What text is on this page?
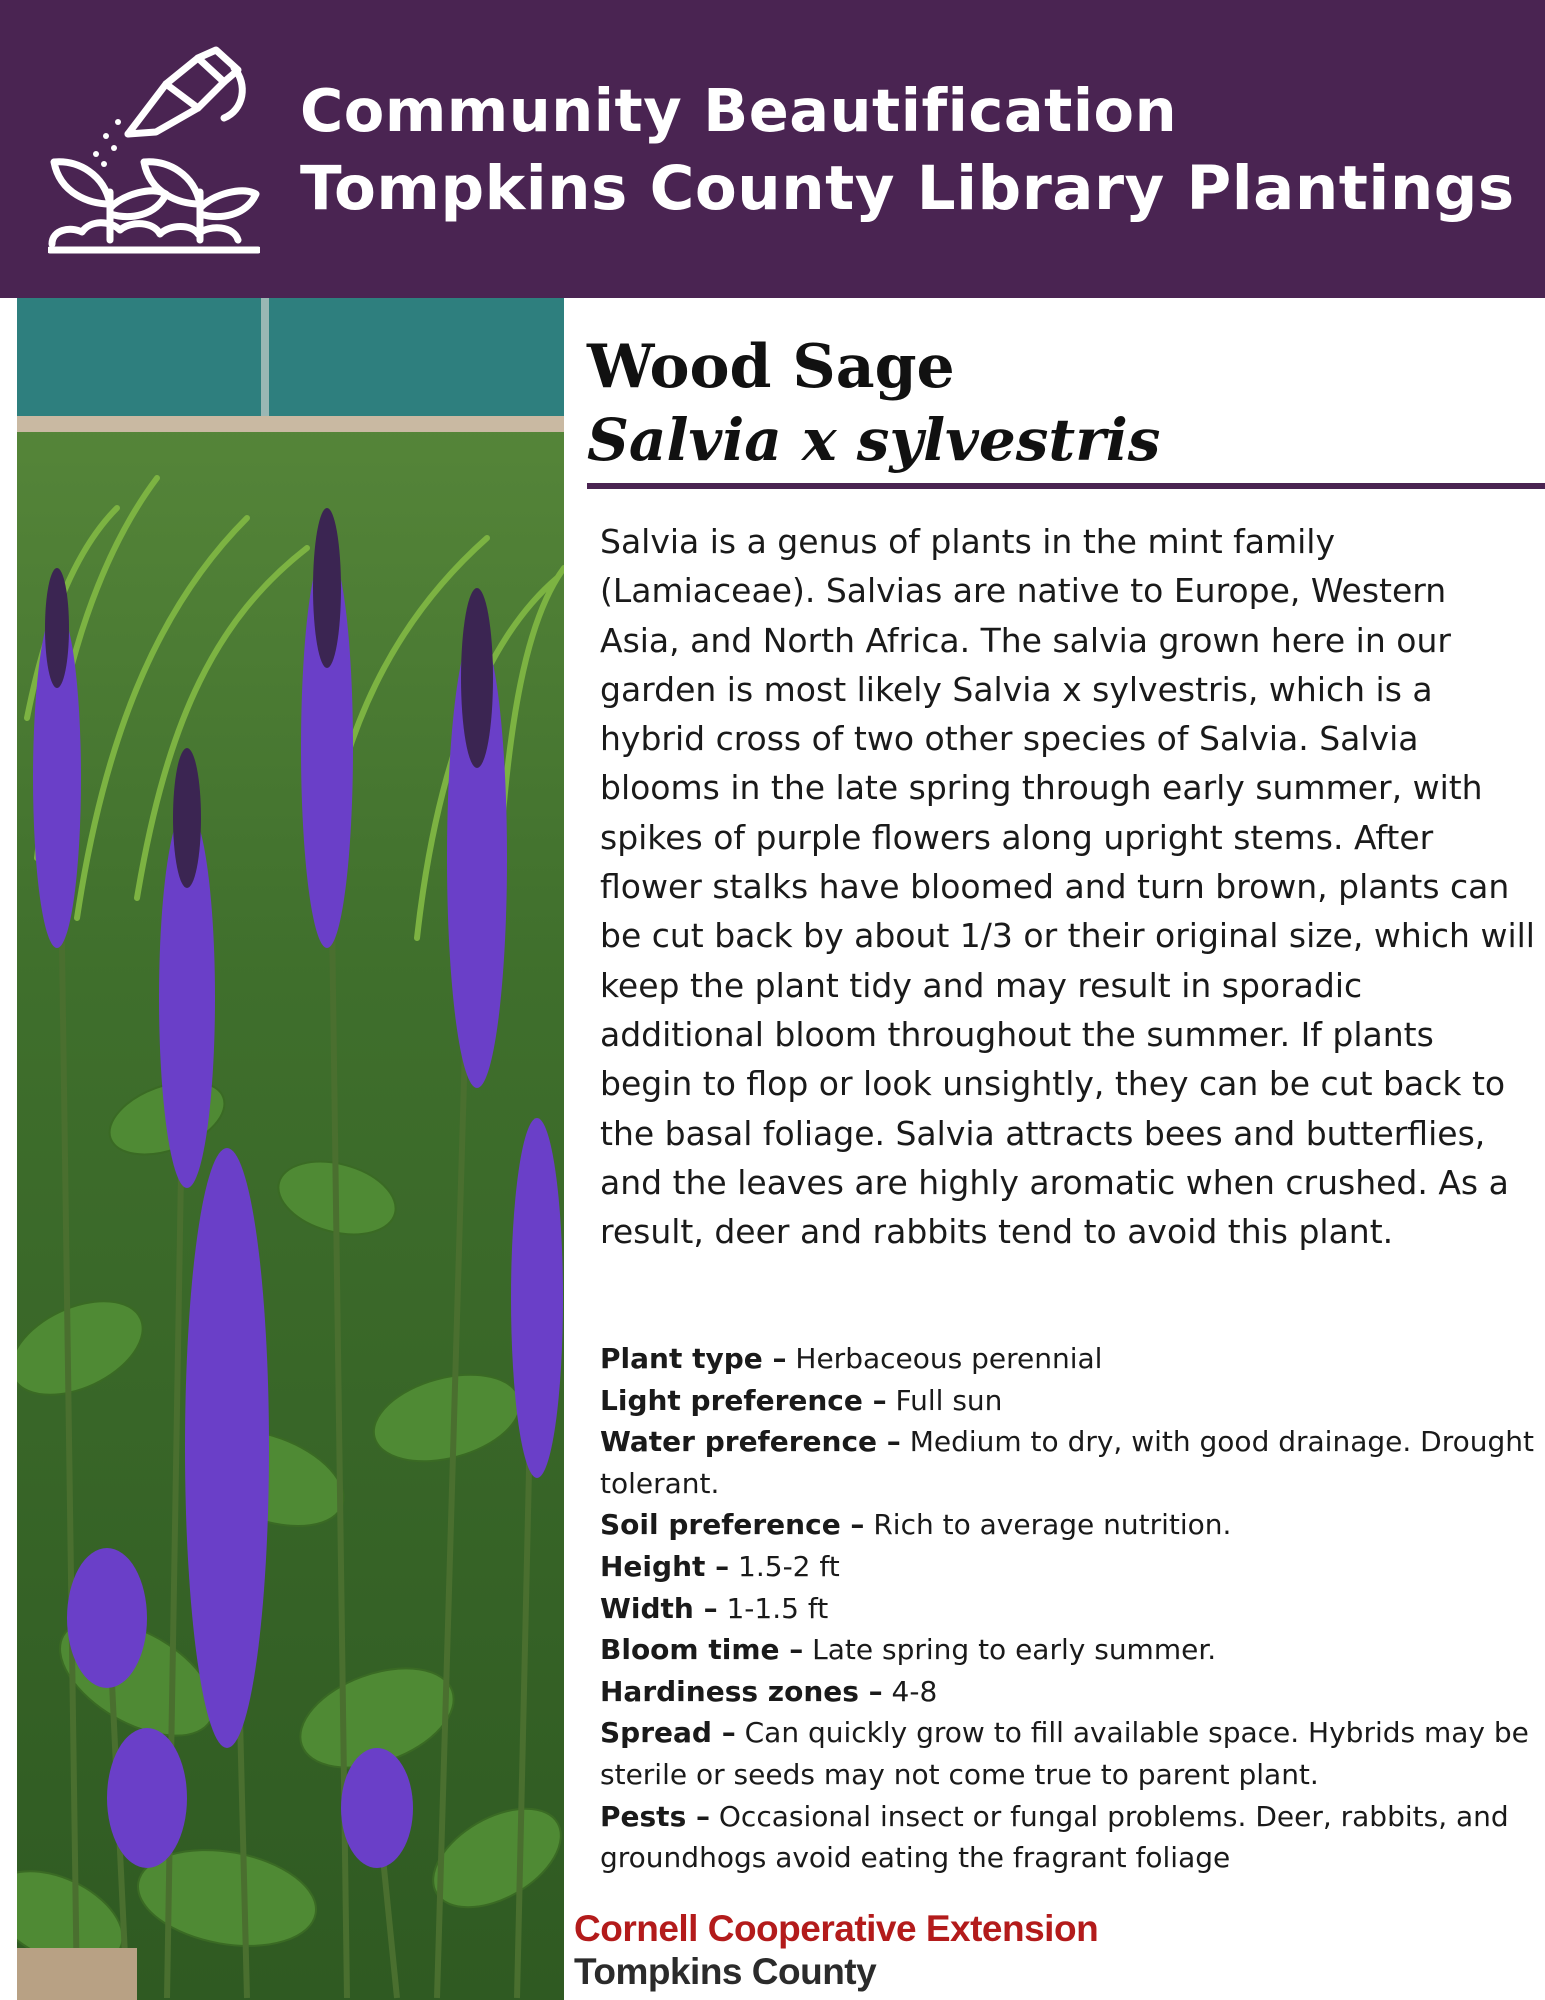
Community Beautification
Tompkins County Library Plantings
Wood Sage
Salvia x sylvestris

Salvia is a genus of plants in the mint family (Lamiaceae). Salvias are native to Europe, Western Asia, and North Africa. The salvia grown here in our garden is most likely Salvia x sylvestris, which is a hybrid cross of two other species of Salvia. Salvia blooms in the late spring through early summer, with spikes of purple flowers along upright stems. After flower stalks have bloomed and turn brown, plants can be cut back by about 1/3 or their original size, which will keep the plant tidy and may result in sporadic additional bloom throughout the summer. If plants begin to flop or look unsightly, they can be cut back to the basal foliage. Salvia attracts bees and butterflies, and the leaves are highly aromatic when crushed. As a result, deer and rabbits tend to avoid this plant.

Plant type – Herbaceous perennial
Light preference – Full sun
Water preference – Medium to dry, with good drainage. Drought tolerant.
Soil preference – Rich to average nutrition.
Height – 1.5-2 ft
Width – 1-1.5 ft
Bloom time – Late spring to early summer.
Hardiness zones – 4-8
Spread – Can quickly grow to fill available space. Hybrids may be sterile or seeds may not come true to parent plant.
Pests – Occasional insect or fungal problems. Deer, rabbits, and groundhogs avoid eating the fragrant foliage
Cornell Cooperative Extension
Tompkins County
